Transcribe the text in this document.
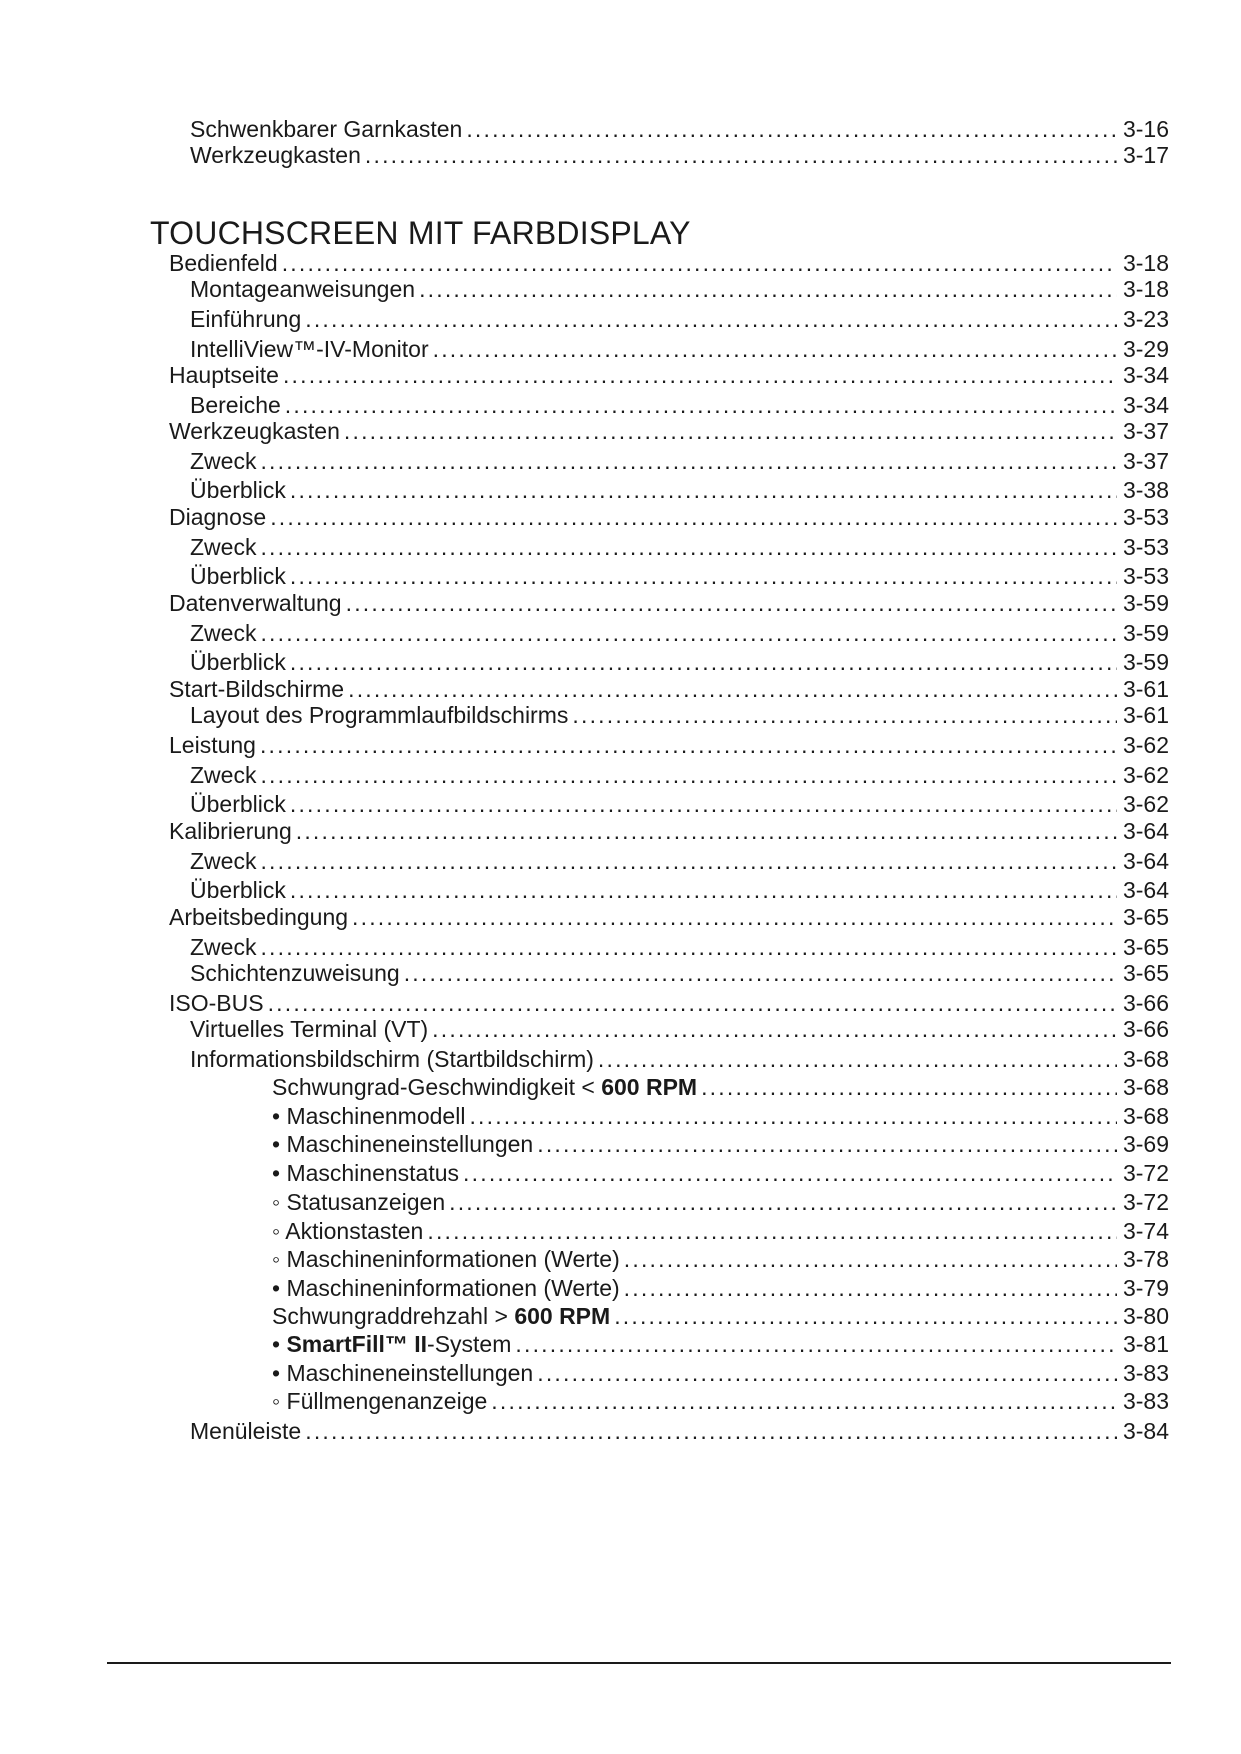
Schwenkbarer Garnkasten .....	3-16
Werkzeugkasten .....	3-17
TOUCHSCREEN MIT FARBDISPLAY
Bedienfeld .....	3-18
Montageanweisungen .....	3-18
Einführung .....	3-23
IntelliView™-IV-Monitor .....	3-29
Hauptseite .....	3-34
Bereiche .....	3-34
Werkzeugkasten .....	3-37
Zweck .....	3-37
Überblick .....	3-38
Diagnose .....	3-53
Zweck .....	3-53
Überblick .....	3-53
Datenverwaltung .....	3-59
Zweck .....	3-59
Überblick .....	3-59
Start-Bildschirme .....	3-61
Layout des Programmlaufbildschirms .....	3-61
Leistung .....	3-62
Zweck .....	3-62
Überblick .....	3-62
Kalibrierung .....	3-64
Zweck .....	3-64
Überblick .....	3-64
Arbeitsbedingung .....	3-65
Zweck .....	3-65
Schichtenzuweisung .....	3-65
ISO-BUS .....	3-66
Virtuelles Terminal (VT) .....	3-66
Informationsbildschirm (Startbildschirm) .....	3-68
Schwungrad-Geschwindigkeit < 600 RPM .....	3-68
• Maschinenmodell .....	3-68
• Maschineneinstellungen .....	3-69
• Maschinenstatus .....	3-72
◦ Statusanzeigen .....	3-72
◦ Aktionstasten .....	3-74
◦ Maschineninformationen (Werte) .....	3-78
• Maschineninformationen (Werte) .....	3-79
Schwungraddrehzahl > 600 RPM .....	3-80
• SmartFill™ II-System .....	3-81
• Maschineneinstellungen .....	3-83
◦ Füllmengenanzeige .....	3-83
Menüleiste .....	3-84
